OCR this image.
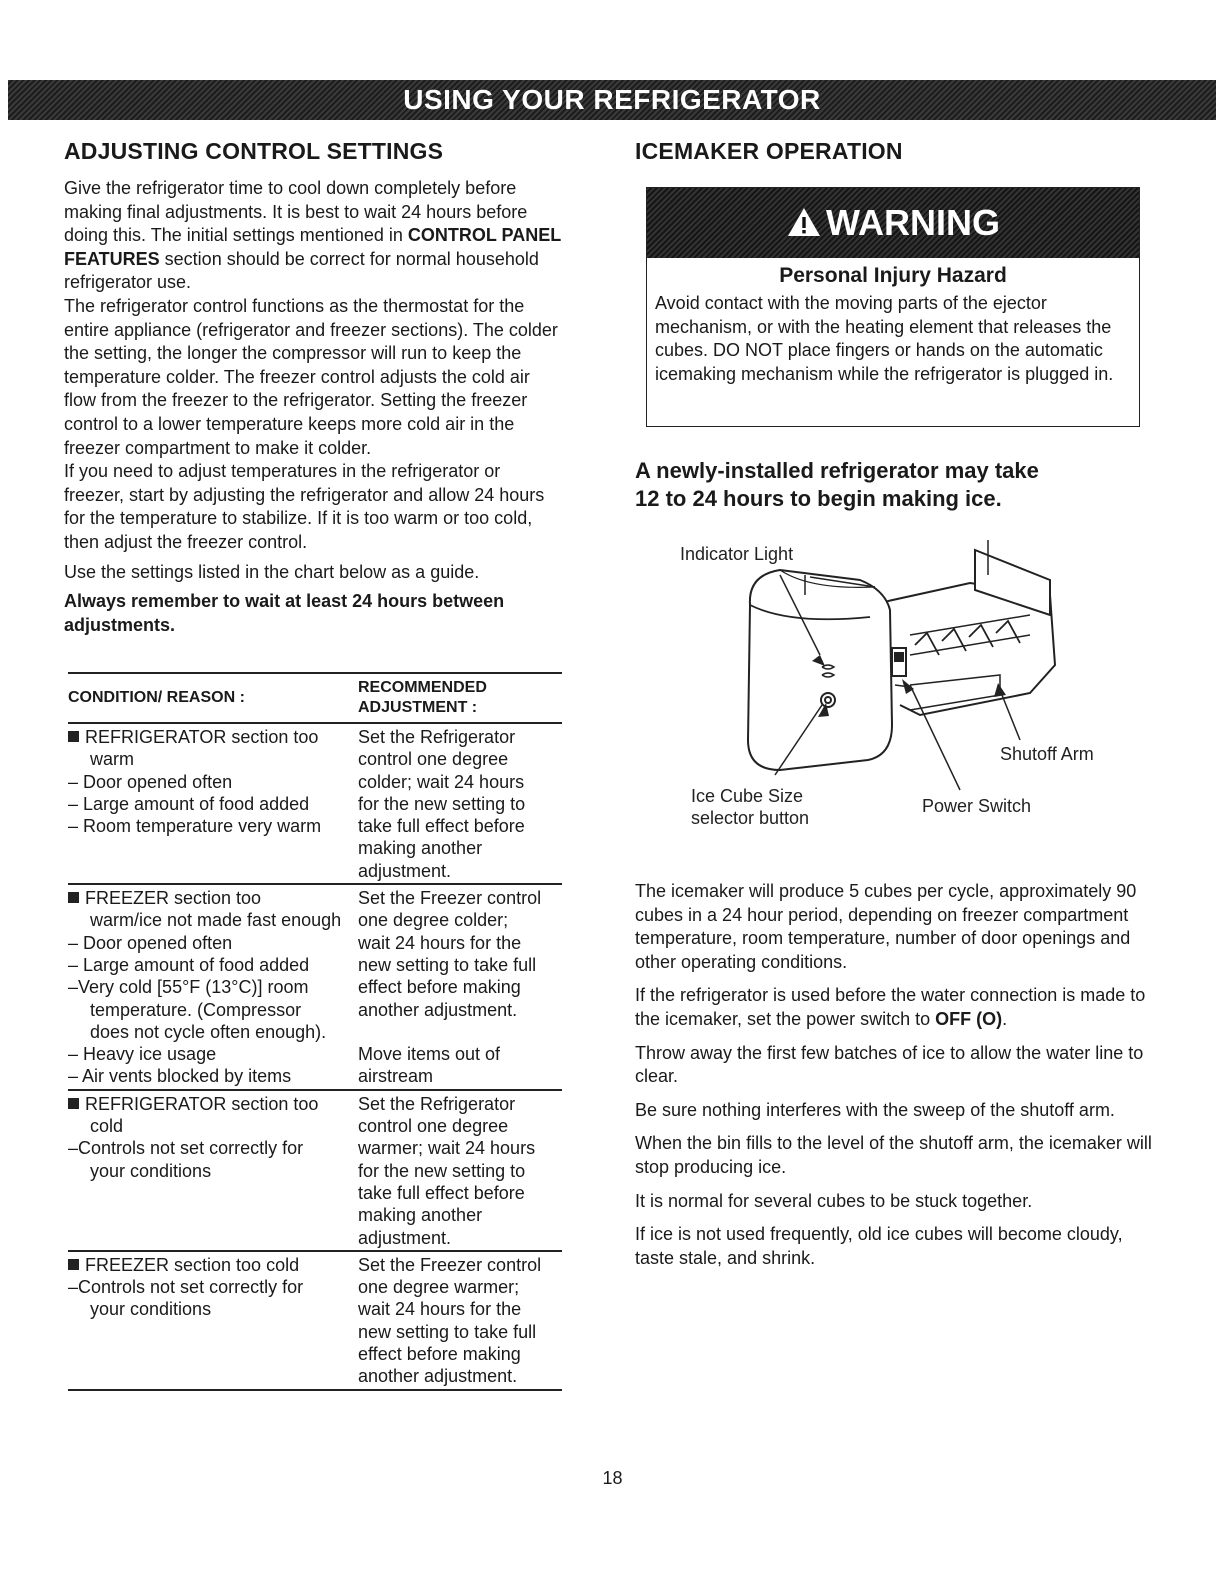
USING YOUR REFRIGERATOR
ADJUSTING CONTROL SETTINGS

Give the refrigerator time to cool down completely before making final adjustments. It is best to wait 24 hours before doing this. The initial settings mentioned in CONTROL PANEL FEATURES section should be correct for normal household refrigerator use.

The refrigerator control functions as the thermostat for the entire appliance (refrigerator and freezer sections). The colder the setting, the longer the compressor will run to keep the temperature colder. The freezer control adjusts the cold air flow from the freezer to the refrigerator. Setting the freezer control to a lower temperature keeps more cold air in the freezer compartment to make it colder.

If you need to adjust temperatures in the refrigerator or freezer, start by adjusting the refrigerator and allow 24 hours for the temperature to stabilize. If it is too warm or too cold, then adjust the freezer control.

Use the settings listed in the chart below as a guide.

Always remember to wait at least 24 hours between adjustments.

CONDITION/ REASON :
RECOMMENDED
ADJUSTMENT :
REFRIGERATOR section too
warm
– Door opened often
– Large amount of food added
– Room temperature very warm
Set the Refrigerator
control one degree
colder; wait 24 hours
for the new setting to
take full effect before
making another
adjustment.
FREEZER section too
warm/ice not made fast enough
– Door opened often
– Large amount of food added
–Very cold [55°F (13°C)] room
temperature. (Compressor
does not cycle often enough).
– Heavy ice usage
– Air vents blocked by items
Set the Freezer control
one degree colder;
wait 24 hours for the
new setting to take full
effect before making
another adjustment.

Move items out of
airstream
REFRIGERATOR section too
cold
–Controls not set correctly for
your conditions
Set the Refrigerator
control one degree
warmer; wait 24 hours
for the new setting to
take full effect before
making another
adjustment.
FREEZER section too cold
–Controls not set correctly for
your conditions
Set the Freezer control
one degree warmer;
wait 24 hours for the
new setting to take full
effect before making
another adjustment.
ICEMAKER OPERATION
WARNING
Personal Injury Hazard
Avoid contact with the moving parts of the ejector mechanism, or with the heating element that releases the cubes. DO NOT place fingers or hands on the automatic icemaking mechanism while the refrigerator is plugged in.
A newly-installed refrigerator may take
12 to 24 hours to begin making ice.
Indicator Light
Shutoff Arm
Ice Cube Size
selector button
Power Switch

The icemaker will produce 5 cubes per cycle, approximately 90 cubes in a 24 hour period, depending on freezer compartment temperature, room temperature, number of door openings and other operating conditions.

If the refrigerator is used before the water connection is made to the icemaker, set the power switch to OFF (O).

Throw away the first few batches of ice to allow the water line to clear.

Be sure nothing interferes with the sweep of the shutoff arm.

When the bin fills to the level of the shutoff arm, the icemaker will stop producing ice.

It is normal for several cubes to be stuck together.

If ice is not used frequently, old ice cubes will become cloudy, taste stale, and shrink.

18
